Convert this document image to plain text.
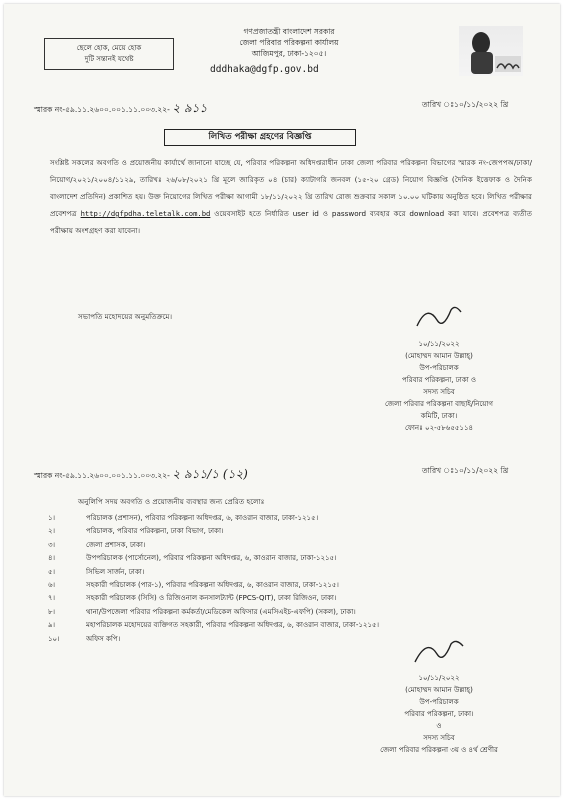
ছেলে হোক, মেয়ে হোক
দুটি সন্তানই যথেষ্ট
গণপ্রজাতন্ত্রী বাংলাদেশ সরকার
জেলা পরিবার পরিকল্পনা কার্যালয়
আজিমপুর, ঢাকা-১২০৫।
dddhaka@dgfp.gov.bd
স্মারক নং-৫৯.১১.২৬০০.০০১.১১.০০৩.২২- ২ ৯১১	তারিখ ঃ১০/১১/২০২২ খ্রি
লিখিত পরীক্ষা গ্রহণের বিজ্ঞপ্তি
সংশ্লিষ্ট সকলের অবগতি ও প্রয়োজনীয় কার্যার্থে জানানো যাচ্ছে যে, পরিবার পরিকল্পনা অধিদপ্তরাধীন ঢাকা জেলা পরিবার পরিকল্পনা বিভাগের স্মারক নং-জেপপঅ/ঢাকা/নিয়োগ/২০২১/২০০৪/১১২৯, তারিখঃ ২৬/০৮/২০২১ খ্রি মূলে জারিকৃত ০৪ (চার) ক্যাটাগরি জনবল (১৫-২০ গ্রেড) নিয়োগ বিজ্ঞপ্তি (দৈনিক ইত্তেফাক ও দৈনিক বাংলাদেশ প্রতিদিন) প্রকাশিত হয়। উক্ত নিয়োগের লিখিত পরীক্ষা আগামী ১৮/১১/২০২২ খ্রি তারিখ রোজ শুক্রবার সকাল ১০.০০ ঘটিকায় অনুষ্ঠিত হবে। লিখিত পরীক্ষার প্রবেশপত্র http://dgfpdha.teletalk.com.bd ওয়েবসাইট হতে নির্ধারিত user id ও password ব্যবহার করে download করা যাবে। প্রবেশপত্র ব্যতীত পরীক্ষায় অংশগ্রহণ করা যাবেনা।
সভাপতি মহোদয়ের অনুমতিক্রমে।
১০/১১/২০২২
(মোহাম্মদ আমান উল্লাহ্)
উপ-পরিচালক
পরিবার পরিকল্পনা, ঢাকা ও
সদস্য সচিব
জেলা পরিবার পরিকল্পনা বাছাই/নিয়োগ
কমিটি, ঢাকা।
ফোনঃ ০২-৫৮৬৫৫১১৪
স্মারক নং-৫৯.১১.২৬০০.০০১.১১.০০৩.২২- ২ ৯১১/১ (১২)	তারিখ ঃ১০/১১/২০২২ খ্রি
অনুলিপি সদয় অবগতি ও প্রয়োজনীয় ব্যবস্থার জন্য প্রেরিত হলোঃ
১।	পরিচালক (প্রশাসন), পরিবার পরিকল্পনা অধিদপ্তর, ৬, কাওরান বাজার, ঢাকা-১২১৫।
২।	পরিচালক, পরিবার পরিকল্পনা, ঢাকা বিভাগ, ঢাকা।
৩।	জেলা প্রশাসক, ঢাকা।
৪।	উপপরিচালক (পার্সোনেল), পরিবার পরিকল্পনা অধিদপ্তর, ৬, কাওরান বাজার, ঢাকা-১২১৫।
৫।	সিভিল সার্জন, ঢাকা।
৬।	সহকারী পরিচালক (পার-১), পরিবার পরিকল্পনা অধিদপ্তর, ৬, কাওরান বাজার, ঢাকা-১২১৫।
৭।	সহকারী পরিচালক (সিসি) ও রিজিওনাল কনসালট্যান্ট (FPCS-QIT), ঢাকা রিজিওন, ঢাকা।
৮।	থানা/উপজেলা পরিবার পরিকল্পনা কর্মকর্তা/মেডিকেল অফিসার (এমসিএইচ-এফপি) (সকল), ঢাকা।
৯।	মহাপরিচালক মহোদয়ের ব্যক্তিগত সহকারী, পরিবার পরিকল্পনা অধিদপ্তর, ৬, কাওরান বাজার, ঢাকা-১২১৫।
১০।	অফিস কপি।
১০/১১/২০২২
(মোহাম্মদ আমান উল্লাহ্)
উপ-পরিচালক
পরিবার পরিকল্পনা, ঢাকা।
ও
সদস্য সচিব
জেলা পরিবার পরিকল্পনা ৩য় ও ৪র্থ শ্রেণীর
